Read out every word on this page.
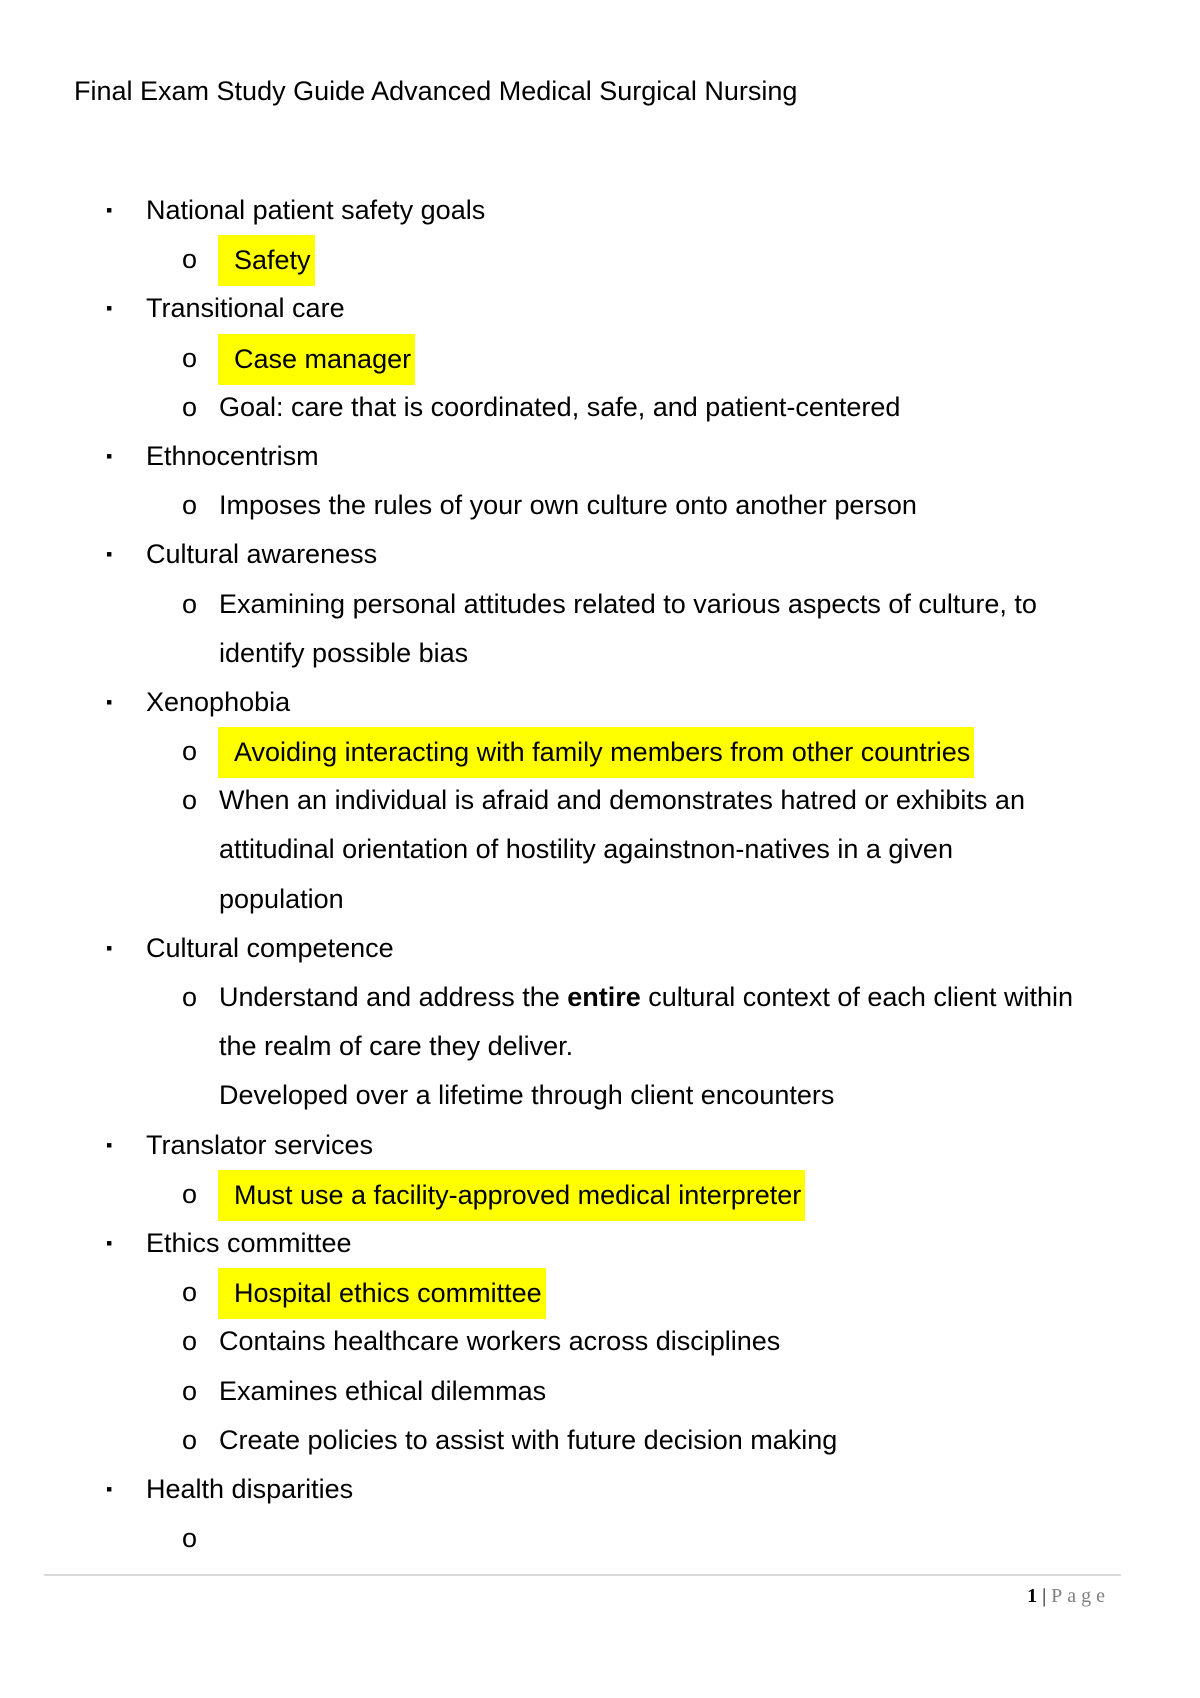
Final Exam Study Guide Advanced Medical Surgical Nursing
▪ National patient safety goals
o	Safety
▪ Transitional care
o	Case manager
o Goal: care that is coordinated, safe, and patient-centered
▪ Ethnocentrism
o Imposes the rules of your own culture onto another person
▪ Cultural awareness
o Examining personal attitudes related to various aspects of culture, to
identify possible bias
▪ Xenophobia
o	Avoiding interacting with family members from other countries
o When an individual is afraid and demonstrates hatred or exhibits an
attitudinal orientation of hostility againstnon-natives in a given
population
▪ Cultural competence
o Understand and address the entire cultural context of each client within
the realm of care they deliver.
Developed over a lifetime through client encounters
▪ Translator services
o	Must use a facility-approved medical interpreter
▪ Ethics committee
o	Hospital ethics committee
o Contains healthcare workers across disciplines
o Examines ethical dilemmas
o Create policies to assist with future decision making
▪ Health disparities
o
1 | Page
